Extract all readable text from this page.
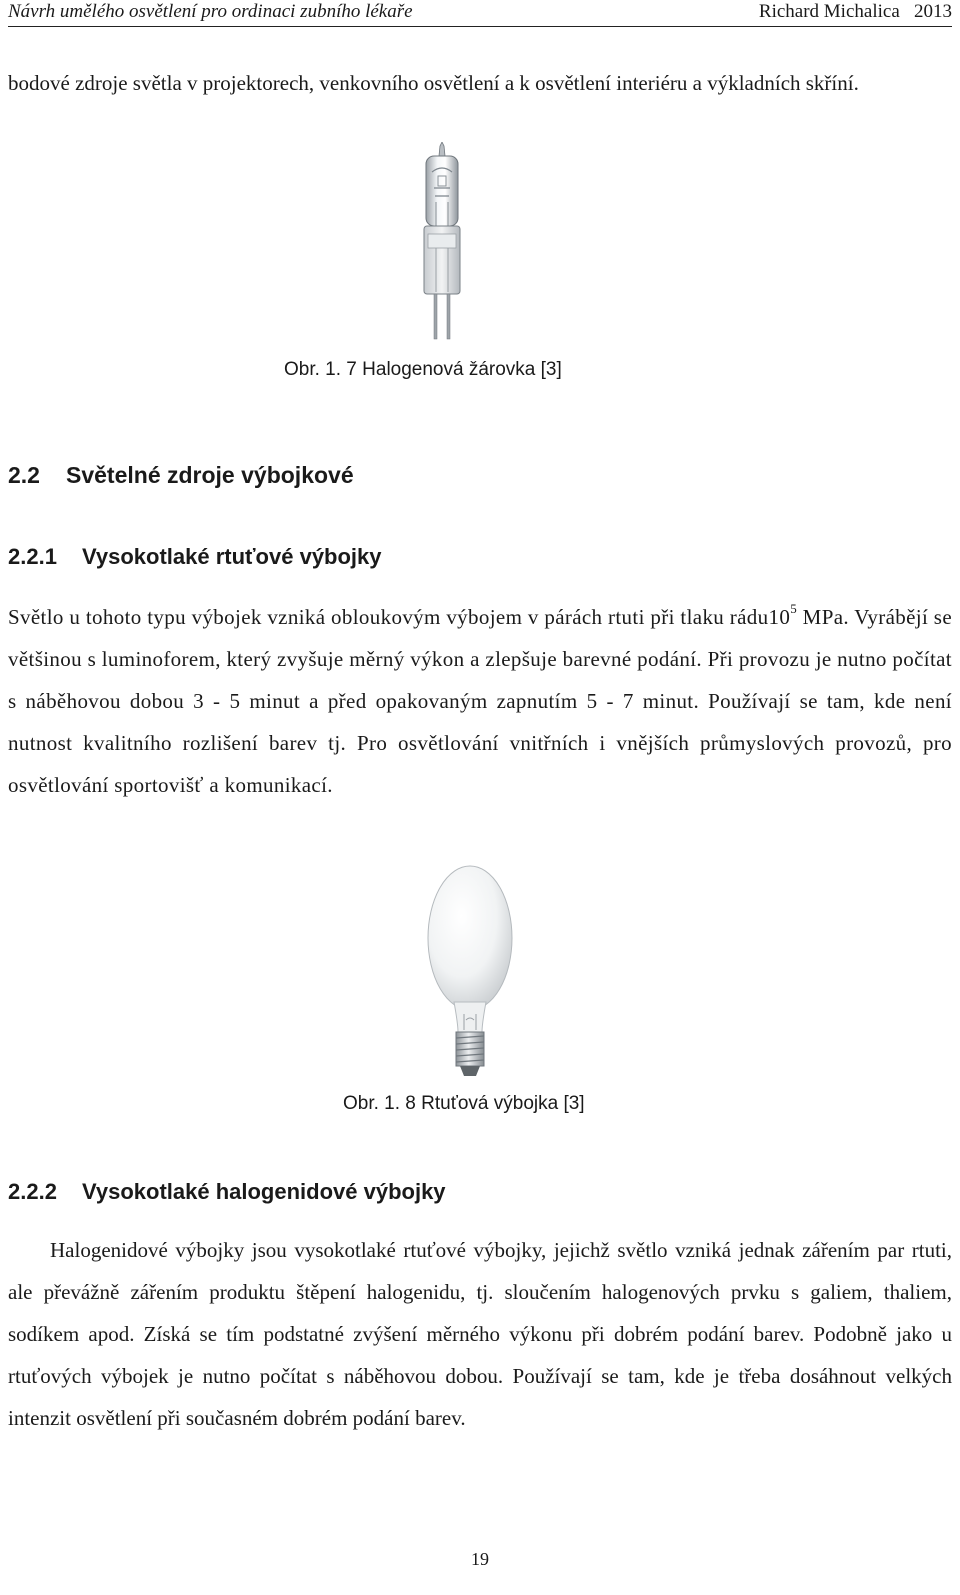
Návrh umělého osvětlení pro ordinaci zubního lékaře	Richard Michalica 2013

bodové zdroje světla v projektorech, venkovního osvětlení a k osvětlení interiéru a výkladních skříní.

Obr. 1. 7 Halogenová žárovka [3]
2.2 Světelné zdroje výbojkové
2.2.1 Vysokotlaké rtuťové výbojky

Světlo u tohoto typu výbojek vzniká obloukovým výbojem v párách rtuti při tlaku $rádu10^5$ MPa. Vyrábějí se většinou s luminoforem, který zvyšuje měrný výkon a zlepšuje barevné podání. Při provozu je nutno počítat s náběhovou dobou 3 - 5 minut a před opakovaným zapnutím 5 - 7 minut. Používají se tam, kde není nutnost kvalitního rozlišení barev tj. Pro osvětlování vnitřních i vnějších průmyslových provozů, pro osvětlování sportovišť a komunikací.

Obr. 1. 8 Rtuťová výbojka [3]
2.2.2 Vysokotlaké halogenidové výbojky

Halogenidové výbojky jsou vysokotlaké rtuťové výbojky, jejichž světlo vzniká jednak zářením par rtuti, ale převážně zářením produktu štěpení halogenidu, tj. sloučením halogenových prvku s galiem, thaliem, sodíkem apod. Získá se tím podstatné zvýšení měrného výkonu při dobrém podání barev. Podobně jako u rtuťových výbojek je nutno počítat s náběhovou dobou. Používají se tam, kde je třeba dosáhnout velkých intenzit osvětlení při současném dobrém podání barev.

19
